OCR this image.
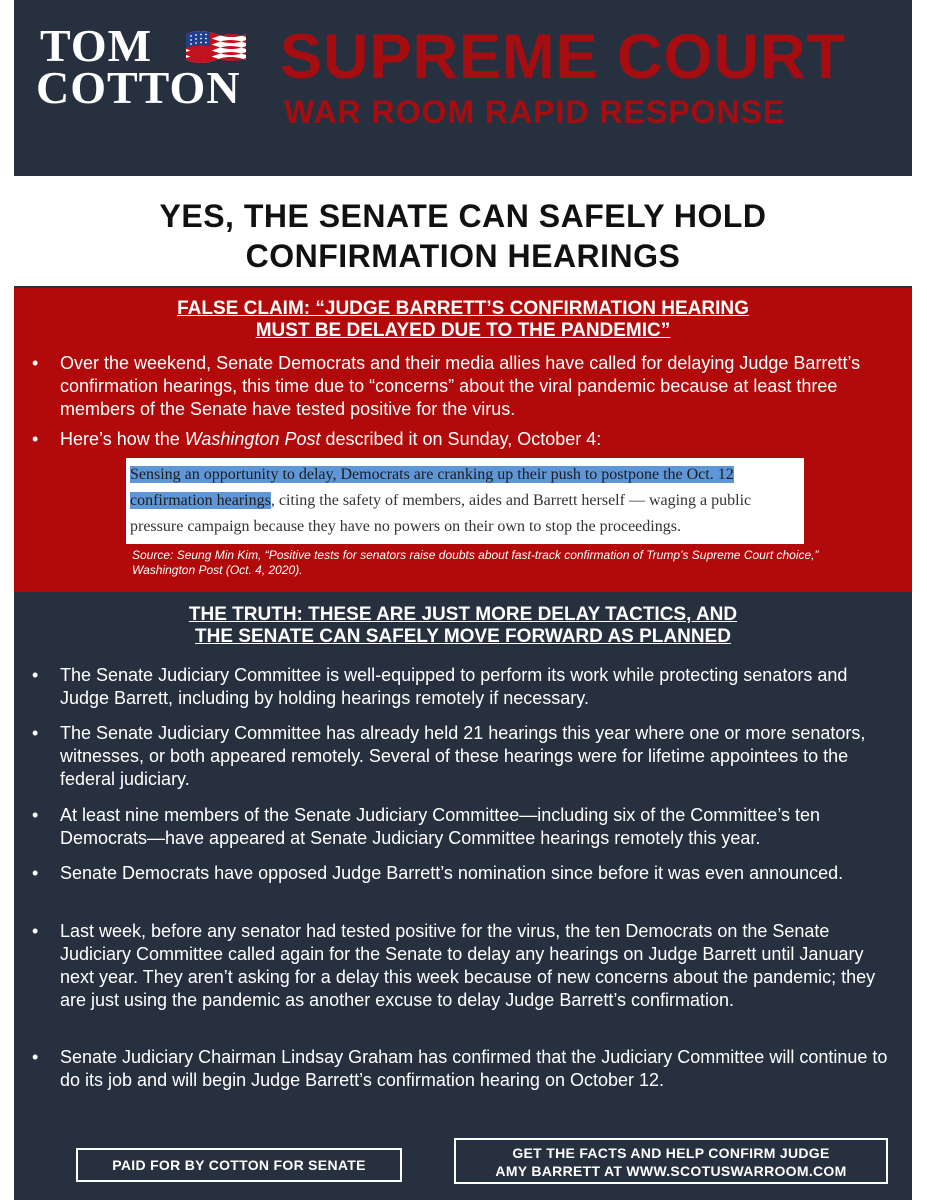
TOM
COTTON SUPREME COURT
WAR ROOM RAPID RESPONSE
YES, THE SENATE CAN SAFELY HOLD
CONFIRMATION HEARINGS
FALSE CLAIM: “JUDGE BARRETT’S CONFIRMATION HEARING
MUST BE DELAYED DUE TO THE PANDEMIC”
• Over the weekend, Senate Democrats and their media allies have called for delaying Judge Barrett’s confirmation hearings, this time due to “concerns” about the viral pandemic because at least three members of the Senate have tested positive for the virus.
• Here’s how the Washington Post described it on Sunday, October 4:
Sensing an opportunity to delay, Democrats are cranking up their push to postpone the Oct. 12 confirmation hearings, citing the safety of members, aides and Barrett herself — waging a public pressure campaign because they have no powers on their own to stop the proceedings.
Source: Seung Min Kim, “Positive tests for senators raise doubts about fast-track confirmation of Trump’s Supreme Court choice,” Washington Post (Oct. 4, 2020).
THE TRUTH: THESE ARE JUST MORE DELAY TACTICS, AND
THE SENATE CAN SAFELY MOVE FORWARD AS PLANNED
• The Senate Judiciary Committee is well-equipped to perform its work while protecting senators and Judge Barrett, including by holding hearings remotely if necessary.
• The Senate Judiciary Committee has already held 21 hearings this year where one or more senators, witnesses, or both appeared remotely. Several of these hearings were for lifetime appointees to the federal judiciary.
• At least nine members of the Senate Judiciary Committee—including six of the Committee’s ten Democrats—have appeared at Senate Judiciary Committee hearings remotely this year.
• Senate Democrats have opposed Judge Barrett’s nomination since before it was even announced.
• Last week, before any senator had tested positive for the virus, the ten Democrats on the Senate Judiciary Committee called again for the Senate to delay any hearings on Judge Barrett until January next year. They aren’t asking for a delay this week because of new concerns about the pandemic; they are just using the pandemic as another excuse to delay Judge Barrett’s confirmation.
• Senate Judiciary Chairman Lindsay Graham has confirmed that the Judiciary Committee will continue to do its job and will begin Judge Barrett’s confirmation hearing on October 12.
PAID FOR BY COTTON FOR SENATE
GET THE FACTS AND HELP CONFIRM JUDGE
AMY BARRETT AT WWW.SCOTUSWARROOM.COM
